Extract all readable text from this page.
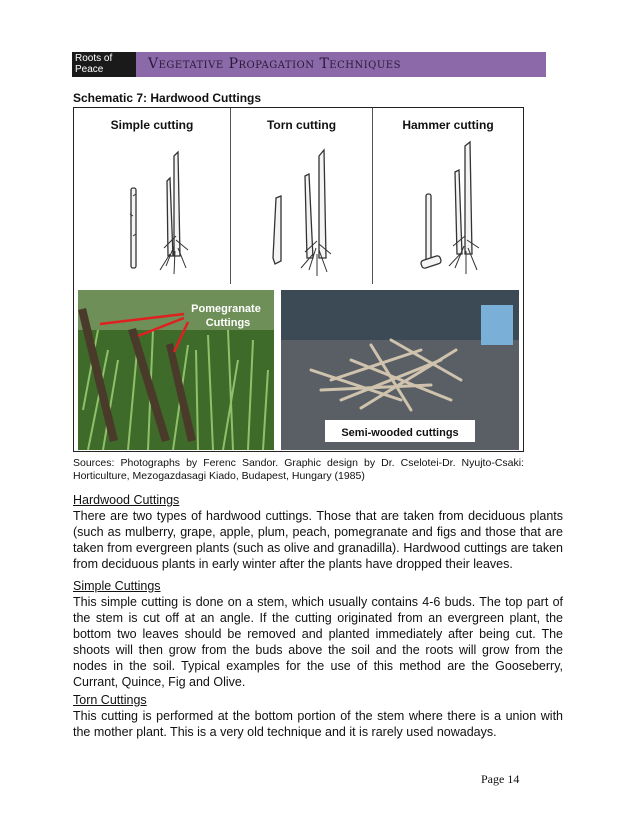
Roots of Peace	Vegetative Propagation Techniques
Schematic 7: Hardwood Cuttings
Simple cutting	Torn cutting	Hammer cutting
Pomegranate
Cuttings
Semi-wooded cuttings
Sources: Photographs by Ferenc Sandor. Graphic design by Dr. Cselotei-Dr. Nyujto-Csaki: Horticulture, Mezogazdasagi Kiado, Budapest, Hungary (1985)
Hardwood Cuttings
There are two types of hardwood cuttings. Those that are taken from deciduous plants (such as mulberry, grape, apple, plum, peach, pomegranate and figs and those that are taken from evergreen plants (such as olive and granadilla). Hardwood cuttings are taken from deciduous plants in early winter after the plants have dropped their leaves.
Simple Cuttings
This simple cutting is done on a stem, which usually contains 4-6 buds. The top part of the stem is cut off at an angle. If the cutting originated from an evergreen plant, the bottom two leaves should be removed and planted immediately after being cut. The shoots will then grow from the buds above the soil and the roots will grow from the nodes in the soil. Typical examples for the use of this method are the Gooseberry, Currant, Quince, Fig and Olive.
Torn Cuttings
This cutting is performed at the bottom portion of the stem where there is a union with the mother plant. This is a very old technique and it is rarely used nowadays.
Page 14
